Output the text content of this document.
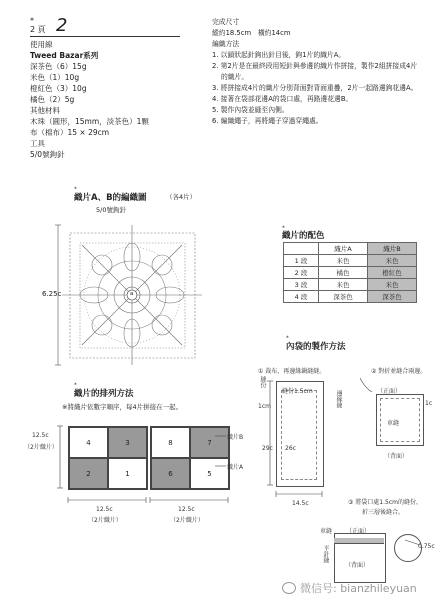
⁎
2 頁 2
使用線
Tweed Bazar系列
深茶色（6）15g
米色（1）10g
橙紅色（3）10g
橘色（2）5g
其他材料
木珠（圓形，15mm，淡茶色）1顆
布（棉布）15 × 29cm
工具
5/0號鉤針
完成尺寸
縱約18.5cm　橫約14cm
編織方法
1. 以鎖狀起針鉤出針目後，鉤1片的織片A。
2. 第2片是在最終段用短針與參邊的織片作拼接，製作2組拼接成4片
　 的織片。
3. 將拼接成4片的織片分別背面對背面重疊，2片一起路邊鉤花邊A。
4. 接著在袋部花邊A的袋口處，再路邊花邊B。
5. 製作內袋並縫至內側。
6. 編織繩子，再將繩子穿過穿繩處。
⁎
織片A、B的編織圖	（各4片）
5/0號鉤針
6.25c	a
⁎
織片的配色
	織片A	織片B
1 段	米色	米色
2 段	橘色	橙紅色
3 段	米色	米色
4 段	深茶色	深茶色
⁎
織片的排列方法
※將織片依數字順序，每4片拼接在一起。
4	3
2	1
8	7
6	5
織片B
織片A
12.5c
（2片織片）
12.5c
（2片織片）
12.5c
（2片織片）
⁎
內袋的製作方法
① 裁布，再邊緣鍋縫縫。	② 對折並縫合兩邊。
縫份
縫份1.5cm
1cm	邊緣縫
29c 26c
14.5c
（正面）
車縫
1c
（背面）
③ 將袋口處1.5cm的縫份，
折三層後縫合。
（正面）
車縫
平針縫
（背面）
0.75c
微信号: bianzhileyuan
